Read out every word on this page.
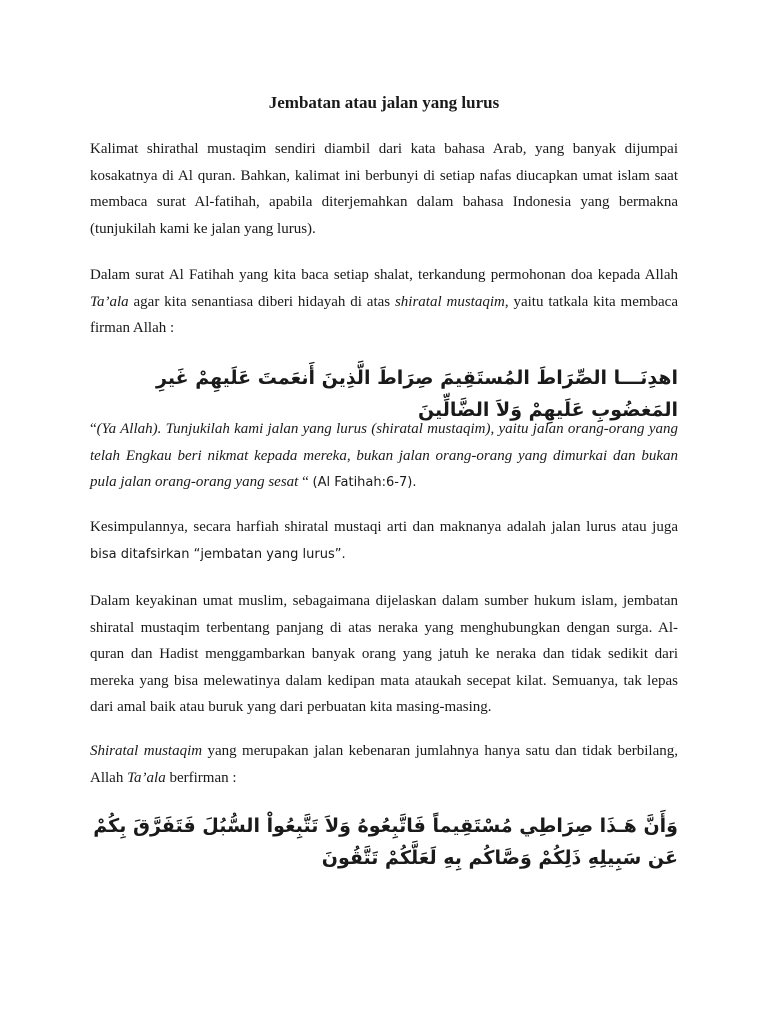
Jembatan atau jalan yang lurus

Kalimat shirathal mustaqim sendiri diambil dari kata bahasa Arab, yang banyak dijumpai kosakatnya di Al quran. Bahkan, kalimat ini berbunyi di setiap nafas diucapkan umat islam saat membaca surat Al-fatihah, apabila diterjemahkan dalam bahasa Indonesia yang bermakna (tunjukilah kami ke jalan yang lurus).

Dalam surat Al Fatihah yang kita baca setiap shalat, terkandung permohonan doa kepada Allah Ta’ala agar kita senantiasa diberi hidayah di atas shiratal mustaqim, yaitu tatkala kita membaca firman Allah :

اهدِنَـــا الصِّرَاطَ المُستَقِيمَ صِرَاطَ الَّذِينَ أَنعَمتَ عَلَيهِمْ غَيرِ المَغضُوبِ عَلَيهِمْ وَلاَ الضَّالِّينَ

“(Ya Allah). Tunjukilah kami jalan yang lurus (shiratal mustaqim), yaitu jalan orang-orang yang telah Engkau beri nikmat kepada mereka, bukan jalan orang-orang yang dimurkai dan bukan pula jalan orang-orang yang sesat “ (Al Fatihah:6-7).

Kesimpulannya, secara harfiah shiratal mustaqi arti dan maknanya adalah jalan lurus atau juga bisa ditafsirkan “jembatan yang lurus”.

Dalam keyakinan umat muslim, sebagaimana dijelaskan dalam sumber hukum islam, jembatan shiratal mustaqim terbentang panjang di atas neraka yang menghubungkan dengan surga. Al-quran dan Hadist menggambarkan banyak orang yang jatuh ke neraka dan tidak sedikit dari mereka yang bisa melewatinya dalam kedipan mata ataukah secepat kilat. Semuanya, tak lepas dari amal baik atau buruk yang dari perbuatan kita masing-masing.

Shiratal mustaqim yang merupakan jalan kebenaran jumlahnya hanya satu dan tidak berbilang, Allah Ta’ala berfirman :

وَأَنَّ هَـذَا صِرَاطِي مُسْتَقِيماً فَاتَّبِعُوهُ وَلاَ تَتَّبِعُواْ السُّبُلَ فَتَفَرَّقَ بِكُمْ عَن سَبِيلِهِ ذَلِكُمْ وَصَّاكُم بِهِ لَعَلَّكُمْ تَتَّقُونَ
